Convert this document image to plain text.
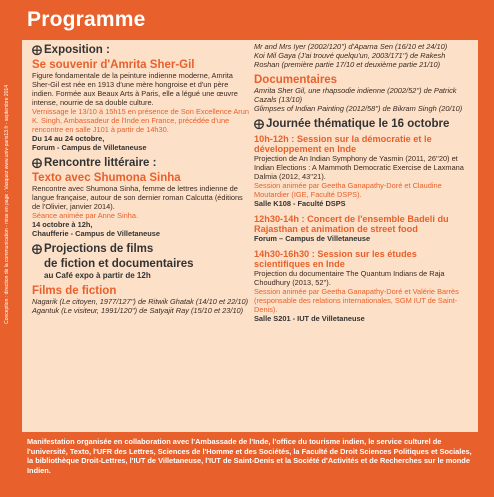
Programme
Conception : direction de la communication - mise en page : Vasquez www.univ-paris13.fr - septembre 2014
⨁ Exposition :
Se souvenir d'Amrita Sher-Gil
Figure fondamentale de la peinture indienne moderne, Amrita Sher-Gil est née en 1913 d'une mère hongroise et d'un père indien. Formée aux Beaux Arts à Paris, elle a légué une œuvre intense, nourrie de sa double culture.
Vernissage le 13/10 à 15h15 en présence de Son Excellence Arun K. Singh, Ambassadeur de l'Inde en France, précédée d'une rencontre en salle J101 à partir de 14h30.
Du 14 au 24 octobre,
Forum - Campus de Villetaneuse
⨁ Rencontre littéraire :
Texto avec Shumona Sinha
Rencontre avec Shumona Sinha, femme de lettres indienne de langue française, autour de son dernier roman Calcutta (éditions de l'Olivier, janvier 2014).
Séance animée par Anne Sinha.
14 octobre à 12h,
Chaufferie - Campus de Villetaneuse
⨁ Projections de films
de fiction et documentaires
au Café expo à partir de 12h
Films de fiction
Nagarik (Le citoyen, 1977/127'') de Ritwik Ghatak (14/10 et 22/10)
Agantuk (Le visiteur, 1991/120'') de Satyajit Ray (15/10 et 23/10)
Mr and Mrs Iyer (2002/120'') d'Aparna Sen (16/10 et 24/10)
Koi Mil Gaya (J'ai trouvé quelqu'un, 2003/171'') de Rakesh Roshan (première partie 17/10 et deuxième partie 21/10)
Documentaires
Amrita Sher Gil, une rhapsodie indienne (2002/52'') de Patrick Cazals (13/10)
Glimpses of Indian Painting (2012/58'') de Bikram Singh (20/10)
⨁ Journée thématique le 16 octobre
10h-12h : Session sur la démocratie et le développement en Inde
Projection de An Indian Symphony de Yasmin (2011, 26''20) et Indian Elections : A Mammoth Democratic Exercise de Laxmana Dalmia (2012, 43''21).
Session animée par Geetha Ganapathy-Doré et Claudine Moutardier (IGE, Faculté DSPS).
Salle K108 - Faculté DSPS
12h30-14h : Concert de l'ensemble Badeli du Rajasthan et animation de street food
Forum – Campus de Villetaneuse
14h30-16h30 : Session sur les études scientifiques en Inde
Projection du documentaire The Quantum Indians de Raja Choudhury (2013, 52'').
Session animée par Geetha Ganapathy-Doré et Valérie Barrès (responsable des relations internationales, SGM IUT de Saint-Denis).
Salle S201 - IUT de Villetaneuse
Manifestation organisée en collaboration avec l'Ambassade de l'Inde, l'office du tourisme indien, le service culturel de l'université, Texto, l'UFR des Lettres, Sciences de l'Homme et des Sociétés, la Faculté de Droit Sciences Politiques et Sociales, la bibliothèque Droit-Lettres, l'IUT de Villetaneuse, l'IUT de Saint-Denis et la Société d'Activités et de Recherches sur le monde Indien.
